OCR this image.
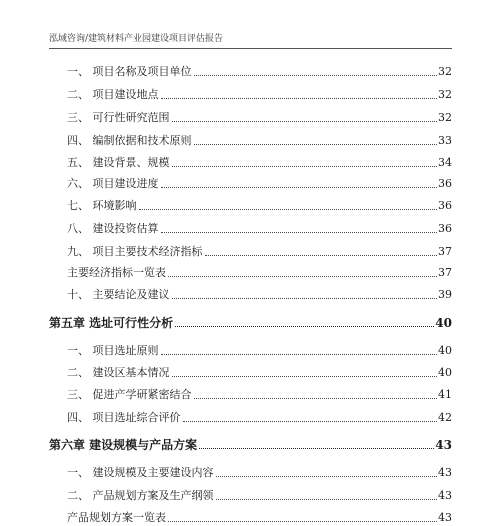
泓域咨询/建筑材料产业园建设项目评估报告
一、 项目名称及项目单位	32
二、 项目建设地点	32
三、 可行性研究范围	32
四、 编制依据和技术原则	33
五、 建设背景、规模	34
六、 项目建设进度	36
七、 环境影响	36
八、 建设投资估算	36
九、 项目主要技术经济指标	37
主要经济指标一览表	37
十、 主要结论及建议	39
第五章 选址可行性分析	40
一、 项目选址原则	40
二、 建设区基本情况	40
三、 促进产学研紧密结合	41
四、 项目选址综合评价	42
第六章 建设规模与产品方案	43
一、 建设规模及主要建设内容	43
二、 产品规划方案及生产纲领	43
产品规划方案一览表	43
